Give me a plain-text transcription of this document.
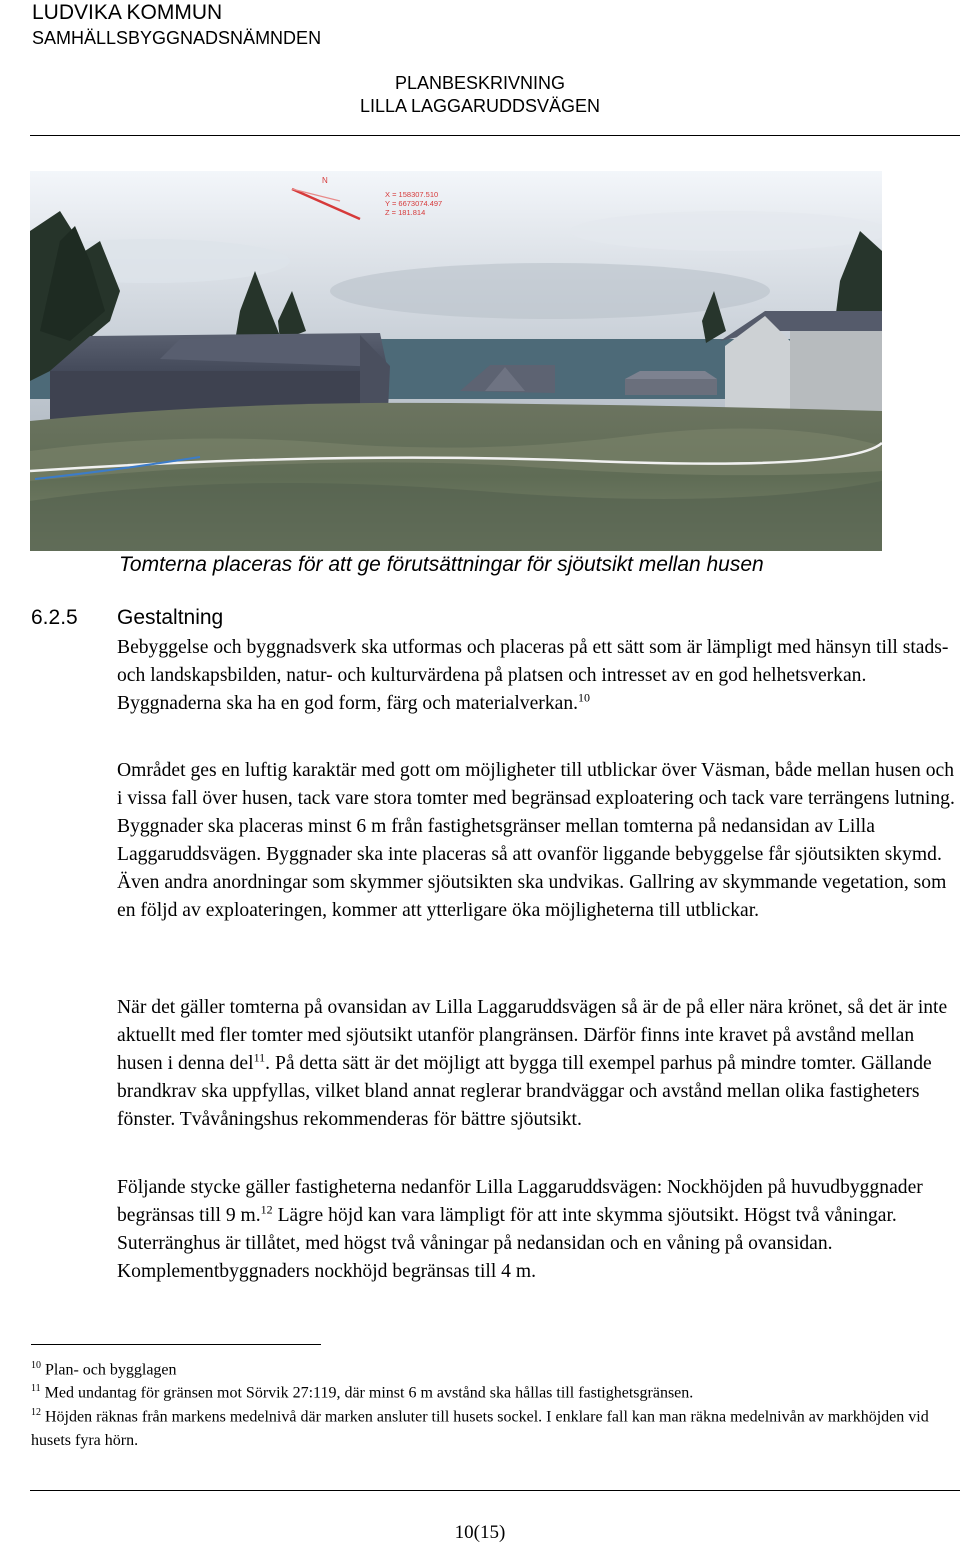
LUDVIKA KOMMUN
SAMHÄLLSBYGGNADSNÄMNDEN
PLANBESKRIVNING
LILLA LAGGARUDDSVÄGEN
N
X = 158307.510
Y = 6673074.497
Z = 181.814
Tomterna placeras för att ge förutsättningar för sjöutsikt mellan husen
6.2.5 Gestaltning
Bebyggelse och byggnadsverk ska utformas och placeras på ett sätt som är lämpligt med hänsyn till stads- och landskapsbilden, natur- och kulturvärdena på platsen och intresset av en god helhetsverkan. Byggnaderna ska ha en god form, färg och materialverkan.$^{10}$
Området ges en luftig karaktär med gott om möjligheter till utblickar över Väsman, både mellan husen och i vissa fall över husen, tack vare stora tomter med begränsad exploatering och tack vare terrängens lutning. Byggnader ska placeras minst 6 m från fastighetsgränser mellan tomterna på nedansidan av Lilla Laggaruddsvägen. Byggnader ska inte placeras så att ovanför liggande bebyggelse får sjöutsikten skymd. Även andra anordningar som skymmer sjöutsikten ska undvikas. Gallring av skymmande vegetation, som en följd av exploateringen, kommer att ytterligare öka möjligheterna till utblickar.
När det gäller tomterna på ovansidan av Lilla Laggaruddsvägen så är de på eller nära krönet, så det är inte aktuellt med fler tomter med sjöutsikt utanför plangränsen. Därför finns inte kravet på avstånd mellan husen i denna del$^{11}$. På detta sätt är det möjligt att bygga till exempel parhus på mindre tomter. Gällande brandkrav ska uppfyllas, vilket bland annat reglerar brandväggar och avstånd mellan olika fastigheters fönster. Tvåvåningshus rekommenderas för bättre sjöutsikt.
Följande stycke gäller fastigheterna nedanför Lilla Laggaruddsvägen: Nockhöjden på huvudbyggnader begränsas till 9 m.$^{12}$ Lägre höjd kan vara lämpligt för att inte skymma sjöutsikt. Högst två våningar. Suterränghus är tillåtet, med högst två våningar på nedansidan och en våning på ovansidan. Komplementbyggnaders nockhöjd begränsas till 4 m.
$^{10}$ Plan- och bygglagen
$^{11}$ Med undantag för gränsen mot Sörvik 27:119, där minst 6 m avstånd ska hållas till fastighetsgränsen.
$^{12}$ Höjden räknas från markens medelnivå där marken ansluter till husets sockel. I enklare fall kan man räkna medelnivån av markhöjden vid husets fyra hörn.
10(15)
